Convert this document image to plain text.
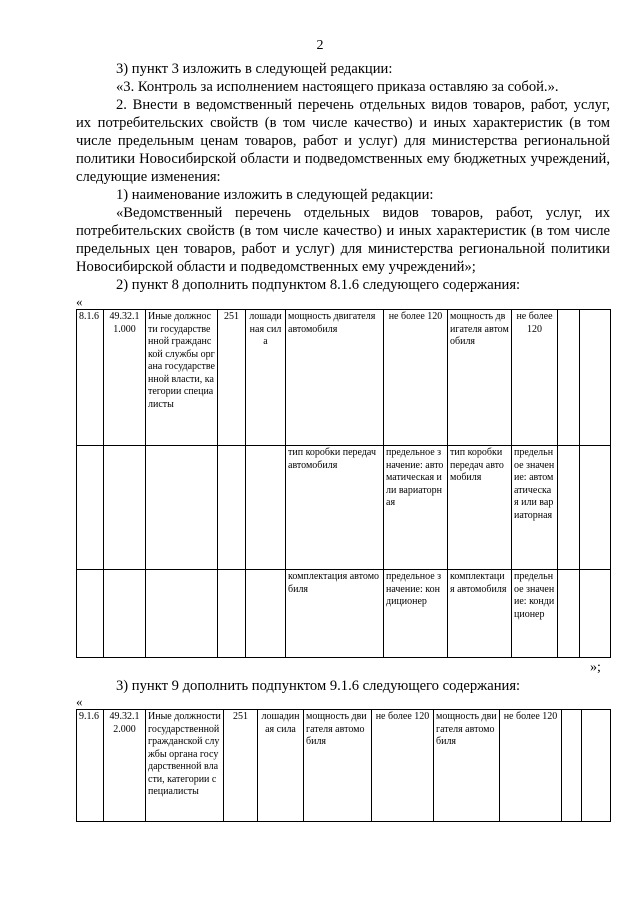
2

3) пункт 3 изложить в следующей редакции:

«3. Контроль за исполнением настоящего приказа оставляю за собой.».

2. Внести в ведомственный перечень отдельных видов товаров, работ, услуг, их потребительских свойств (в том числе качество) и иных характеристик (в том числе предельным ценам товаров, работ и услуг) для министерства региональной политики Новосибирской области и подведомственных ему бюджетных учреждений, следующие изменения:

1) наименование изложить в следующей редакции:

«Ведомственный перечень отдельных видов товаров, работ, услуг, их потребительских свойств (в том числе качество) и иных характеристик (в том числе предельных цен товаров, работ и услуг) для министерства региональной политики Новосибирской области и подведомственных ему учреждений»;

2) пункт 8 дополнить подпунктом 8.1.6 следующего содержания:

«
8.1.6	49.32.11.000	Иные должности государственной гражданской службы органа государственной власти, категории специалисты	251	лошадиная сила	мощность двигателя автомобиля	не более 120	мощность двигателя автомобиля	не более 120		
					тип коробки передач автомобиля	предельное значение: автоматическая или вариаторная	тип коробки передач автомобиля	предельное значение: автоматическая или вариаторная		
					комплектация автомобиля	предельное значение: кондиционер	комплектация автомобиля	предельное значение: кондиционер		
»;

3) пункт 9 дополнить подпунктом 9.1.6 следующего содержания:

«
9.1.6	49.32.12.000	Иные должности государственной гражданской службы органа государственной власти, категории специалисты	251	лошадиная сила	мощность двигателя автомобиля	не более 120	мощность двигателя автомобиля	не более 120		
